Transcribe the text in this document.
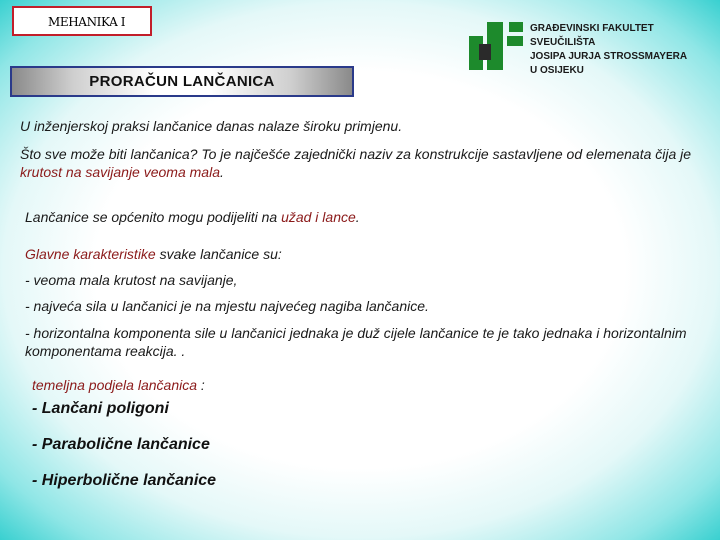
MEHANIKA I
PRORAČUN LANČANICA
GRAĐEVINSKI FAKULTET
SVEUČILIŠTA
JOSIPA JURJA STROSSMAYERA
U OSIJEKU
U inženjerskoj praksi lančanice danas nalaze široku primjenu.
Što sve može biti lančanica? To je najčešće zajednički naziv za konstrukcije sastavljene od elemenata čija je krutost na savijanje veoma mala.
Lančanice se općenito mogu podijeliti na užad i lance.
Glavne karakteristike svake lančanice su:
- veoma mala krutost na savijanje,
- najveća sila u lančanici je na mjestu najvećeg nagiba lančanice.
- horizontalna komponenta sile u lančanici jednaka je duž cijele lančanice te je tako jednaka i horizontalnim komponentama reakcija. .
temeljna podjela lančanica :
- Lančani poligoni
- Parabolične lančanice
- Hiperbolične lančanice
